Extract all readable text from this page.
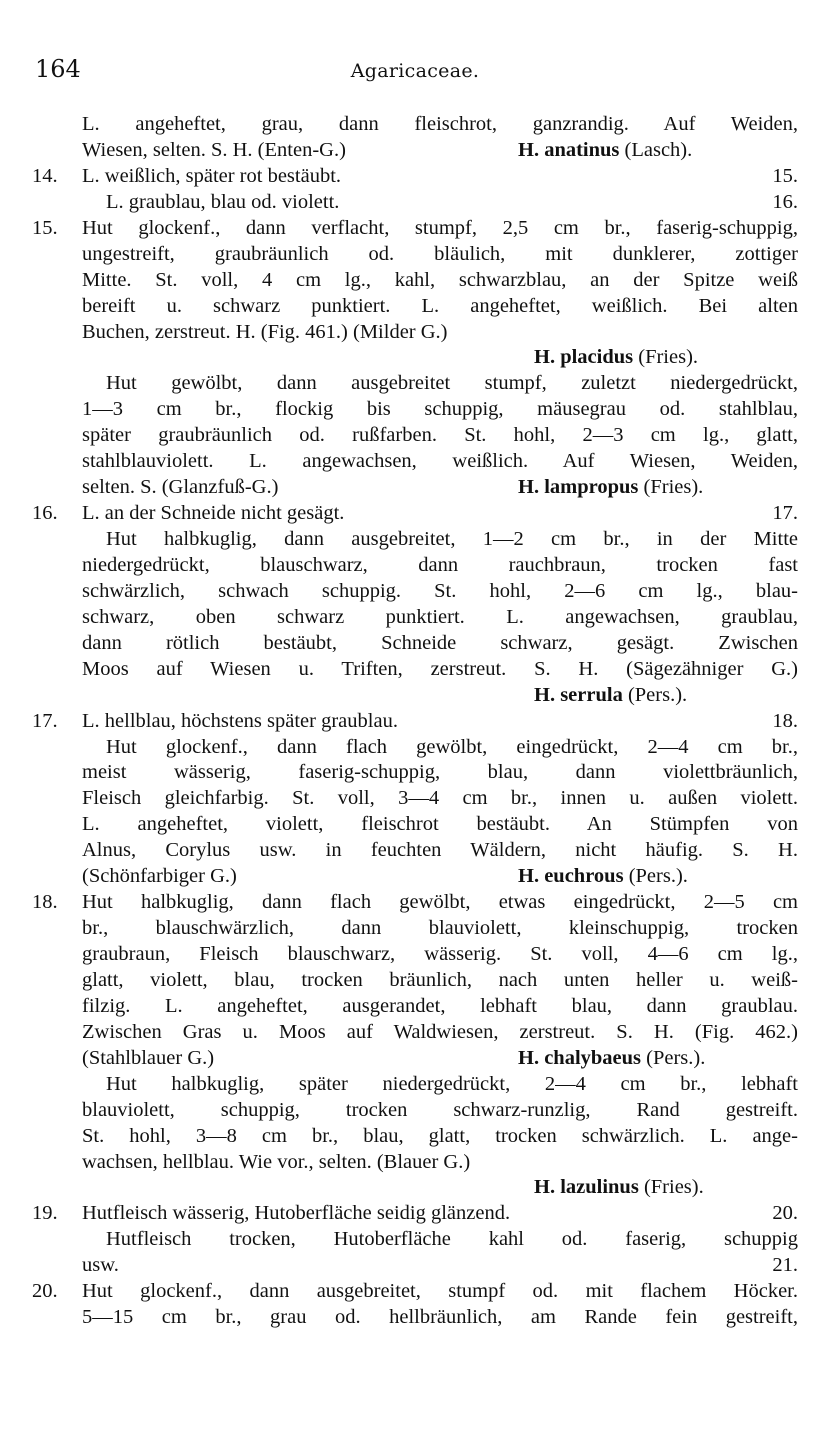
164	Agaricaceae.
L. angeheftet, grau, dann fleischrot, ganzrandig. Auf Weiden,
Wiesen, selten. S. H. (Enten-G.)	H. anatinus (Lasch).
14.	L. weißlich, später rot bestäubt.	15.
L. graublau, blau od. violett.	16.
15.	Hut glockenf., dann verflacht, stumpf, 2,5 cm br., faserig-schuppig,
ungestreift, graubräunlich od. bläulich, mit dunklerer, zottiger
Mitte. St. voll, 4 cm lg., kahl, schwarzblau, an der Spitze weiß
bereift u. schwarz punktiert. L. angeheftet, weißlich. Bei alten
Buchen, zerstreut. H. (Fig. 461.) (Milder G.)
H. placidus (Fries).
Hut gewölbt, dann ausgebreitet stumpf, zuletzt niedergedrückt,
1—3 cm br., flockig bis schuppig, mäusegrau od. stahlblau,
später graubräunlich od. rußfarben. St. hohl, 2—3 cm lg., glatt,
stahlblauviolett. L. angewachsen, weißlich. Auf Wiesen, Weiden,
selten. S. (Glanzfuß-G.)	H. lampropus (Fries).
16.	L. an der Schneide nicht gesägt.	17.
Hut halbkuglig, dann ausgebreitet, 1—2 cm br., in der Mitte
niedergedrückt, blauschwarz, dann rauchbraun, trocken fast
schwärzlich, schwach schuppig. St. hohl, 2—6 cm lg., blau-
schwarz, oben schwarz punktiert. L. angewachsen, graublau,
dann rötlich bestäubt, Schneide schwarz, gesägt. Zwischen
Moos auf Wiesen u. Triften, zerstreut. S. H. (Sägezähniger G.)
H. serrula (Pers.).
17.	L. hellblau, höchstens später graublau.	18.
Hut glockenf., dann flach gewölbt, eingedrückt, 2—4 cm br.,
meist wässerig, faserig-schuppig, blau, dann violettbräunlich,
Fleisch gleichfarbig. St. voll, 3—4 cm br., innen u. außen violett.
L. angeheftet, violett, fleischrot bestäubt. An Stümpfen von
Alnus, Corylus usw. in feuchten Wäldern, nicht häufig. S. H.
(Schönfarbiger G.)	H. euchrous (Pers.).
18.	Hut halbkuglig, dann flach gewölbt, etwas eingedrückt, 2—5 cm
br., blauschwärzlich, dann blauviolett, kleinschuppig, trocken
graubraun, Fleisch blauschwarz, wässerig. St. voll, 4—6 cm lg.,
glatt, violett, blau, trocken bräunlich, nach unten heller u. weiß-
filzig. L. angeheftet, ausgerandet, lebhaft blau, dann graublau.
Zwischen Gras u. Moos auf Waldwiesen, zerstreut. S. H. (Fig. 462.)
(Stahlblauer G.)	H. chalybaeus (Pers.).
Hut halbkuglig, später niedergedrückt, 2—4 cm br., lebhaft
blauviolett, schuppig, trocken schwarz-runzlig, Rand gestreift.
St. hohl, 3—8 cm br., blau, glatt, trocken schwärzlich. L. ange-
wachsen, hellblau. Wie vor., selten. (Blauer G.)
H. lazulinus (Fries).
19.	Hutfleisch wässerig, Hutoberfläche seidig glänzend.	20.
Hutfleisch trocken, Hutoberfläche kahl od. faserig, schuppig
usw.	21.
20.	Hut glockenf., dann ausgebreitet, stumpf od. mit flachem Höcker.
5—15 cm br., grau od. hellbräunlich, am Rande fein gestreift,
